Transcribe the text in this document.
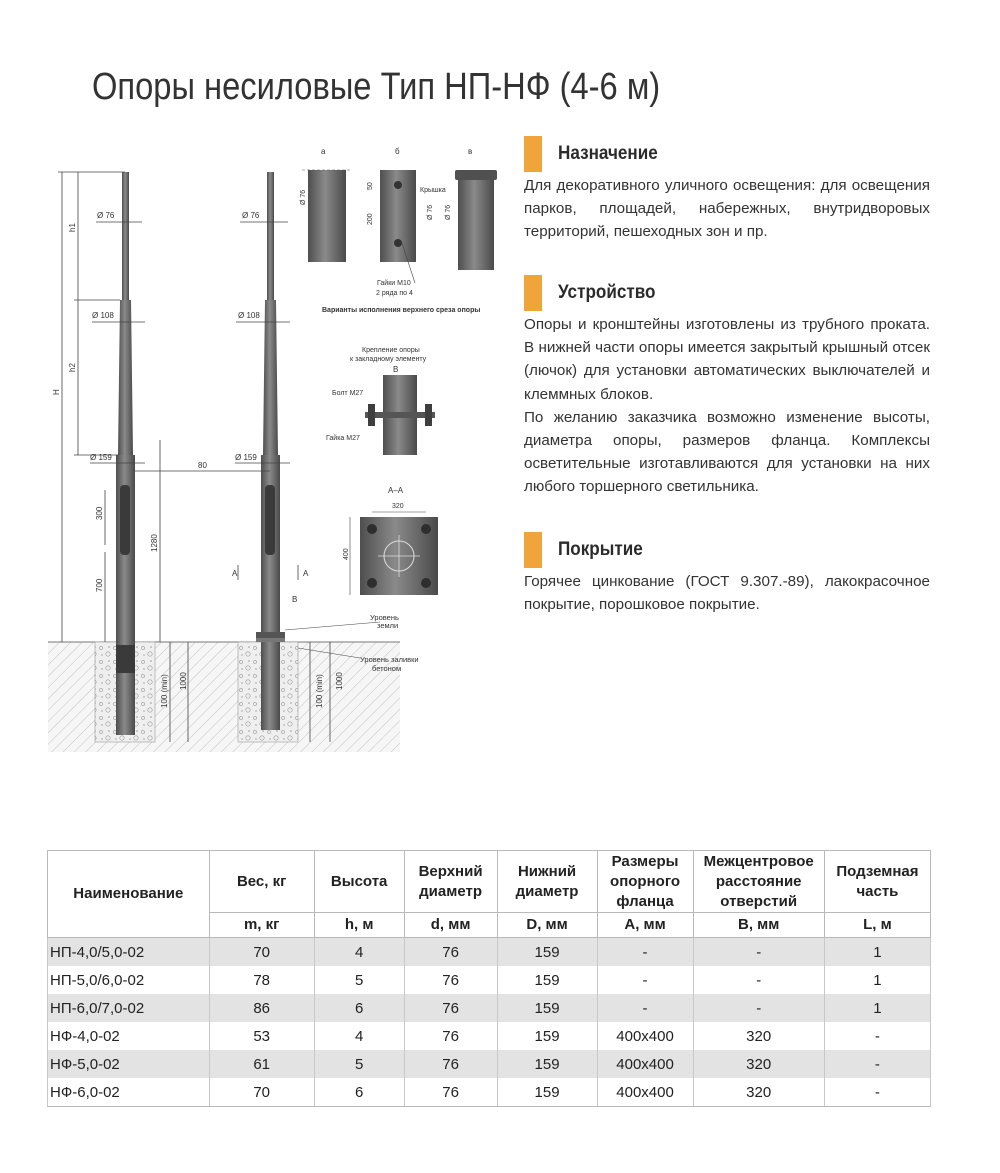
Опоры несиловые Тип НП-НФ (4-6 м)
Ø 76	Ø 76
Ø 108	Ø 108
Ø 159	Ø 159
80
h1
h2
H
300
1280
700
100 (min) 1000	100 (min) 1000
А	А
В
Уровень
земли
Уровень заливки
бетоном
а	б	в
Ø 76
200
50
Ø 76 Ø 76
Крышка
Гайки М10
2 ряда по 4
Варианты исполнения верхнего среза опоры
Крепление опоры
к закладному элементу
В
Болт М27
Гайка М27
А–А
320
400
Назначение

Для декоративного уличного освещения: для освещения парков, площадей, набережных, внутридворовых территорий, пешеходных зон и пр.

Устройство

Опоры и кронштейны изготовлены из трубного проката. В нижней части опоры имеется закрытый крышный отсек (лючок) для установки автоматических выключателей и клеммных блоков.

По желанию заказчика возможно изменение высоты, диаметра опоры, размеров фланца. Комплексы осветительные изготавливаются для установки на них любого торшерного светильника.

Покрытие

Горячее цинкование (ГОСТ 9.307.-89), лакокрасочное покрытие, порошковое покрытие.

Наименование	Вес, кг	Высота	Верхний диаметр	Нижний диаметр	Размеры опорного фланца	Межцентровое расстояние отверстий	Подземная часть
	m, кг	h, м	d, мм	D, мм	A, мм	B, мм	L, м
НП-4,0/5,0-02	70	4	76	159	-	-	1
НП-5,0/6,0-02	78	5	76	159	-	-	1
НП-6,0/7,0-02	86	6	76	159	-	-	1
НФ-4,0-02	53	4	76	159	400x400	320	-
НФ-5,0-02	61	5	76	159	400x400	320	-
НФ-6,0-02	70	6	76	159	400x400	320	-
